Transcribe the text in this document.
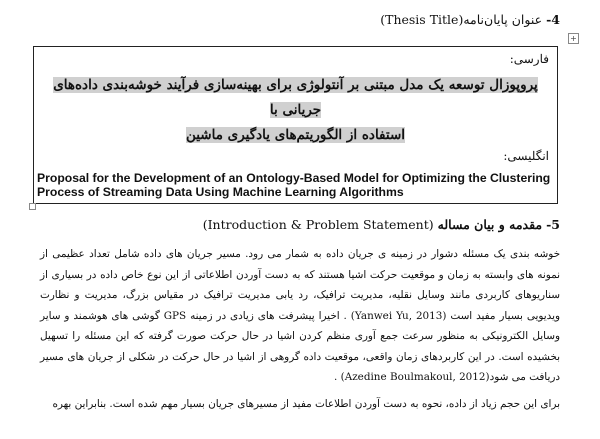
4- عنوان پایان‌نامه(Thesis Title)
+
فارسی:
پروپوزال توسعه یک مدل مبتنی بر آنتولوژی برای بهینه‌سازی فرآیند خوشه‌بندی داده‌های جریانی با
استفاده از الگوریتم‌های یادگیری ماشین
انگلیسی:
Proposal for the Development of an Ontology-Based Model for Optimizing the Clustering Process of Streaming Data Using Machine Learning Algorithms
5- مقدمه و بیان مساله (Introduction & Problem Statement)

خوشه بندی یک مسئله دشوار در زمینه ی جریان داده به شمار می رود. مسیر جریان های داده شامل تعداد عظیمی از نمونه های وابسته به زمان و موقعیت حرکت اشیا هستند که به دست آوردن اطلاعاتی از این نوع خاص داده در بسیاری از سناریوهای کاربردی مانند وسایل نقلیه، مدیریت ترافیک، رد یابی مدیریت ترافیک در مقیاس بزرگ، مدیریت و نظارت ویدیویی بسیار مفید است (Yanwei Yu, 2013) . اخیرا پیشرفت های زیادی در زمینه GPS گوشی های هوشمند و سایر وسایل الکترونیکی به منظور سرعت جمع آوری منظم کردن اشیا در حال حرکت صورت گرفته که این مسئله را تسهیل بخشیده است. در این کاربردهای زمان واقعی، موقعیت داده گروهی از اشیا در حال حرکت در شکلی از جریان های مسیر دریافت می شود(Azedine Boulmakoul, 2012) .

برای این حجم زیاد از داده، نحوه به دست آوردن اطلاعات مفید از مسیرهای جریان بسیار مهم شده است. بنابراین بهره
